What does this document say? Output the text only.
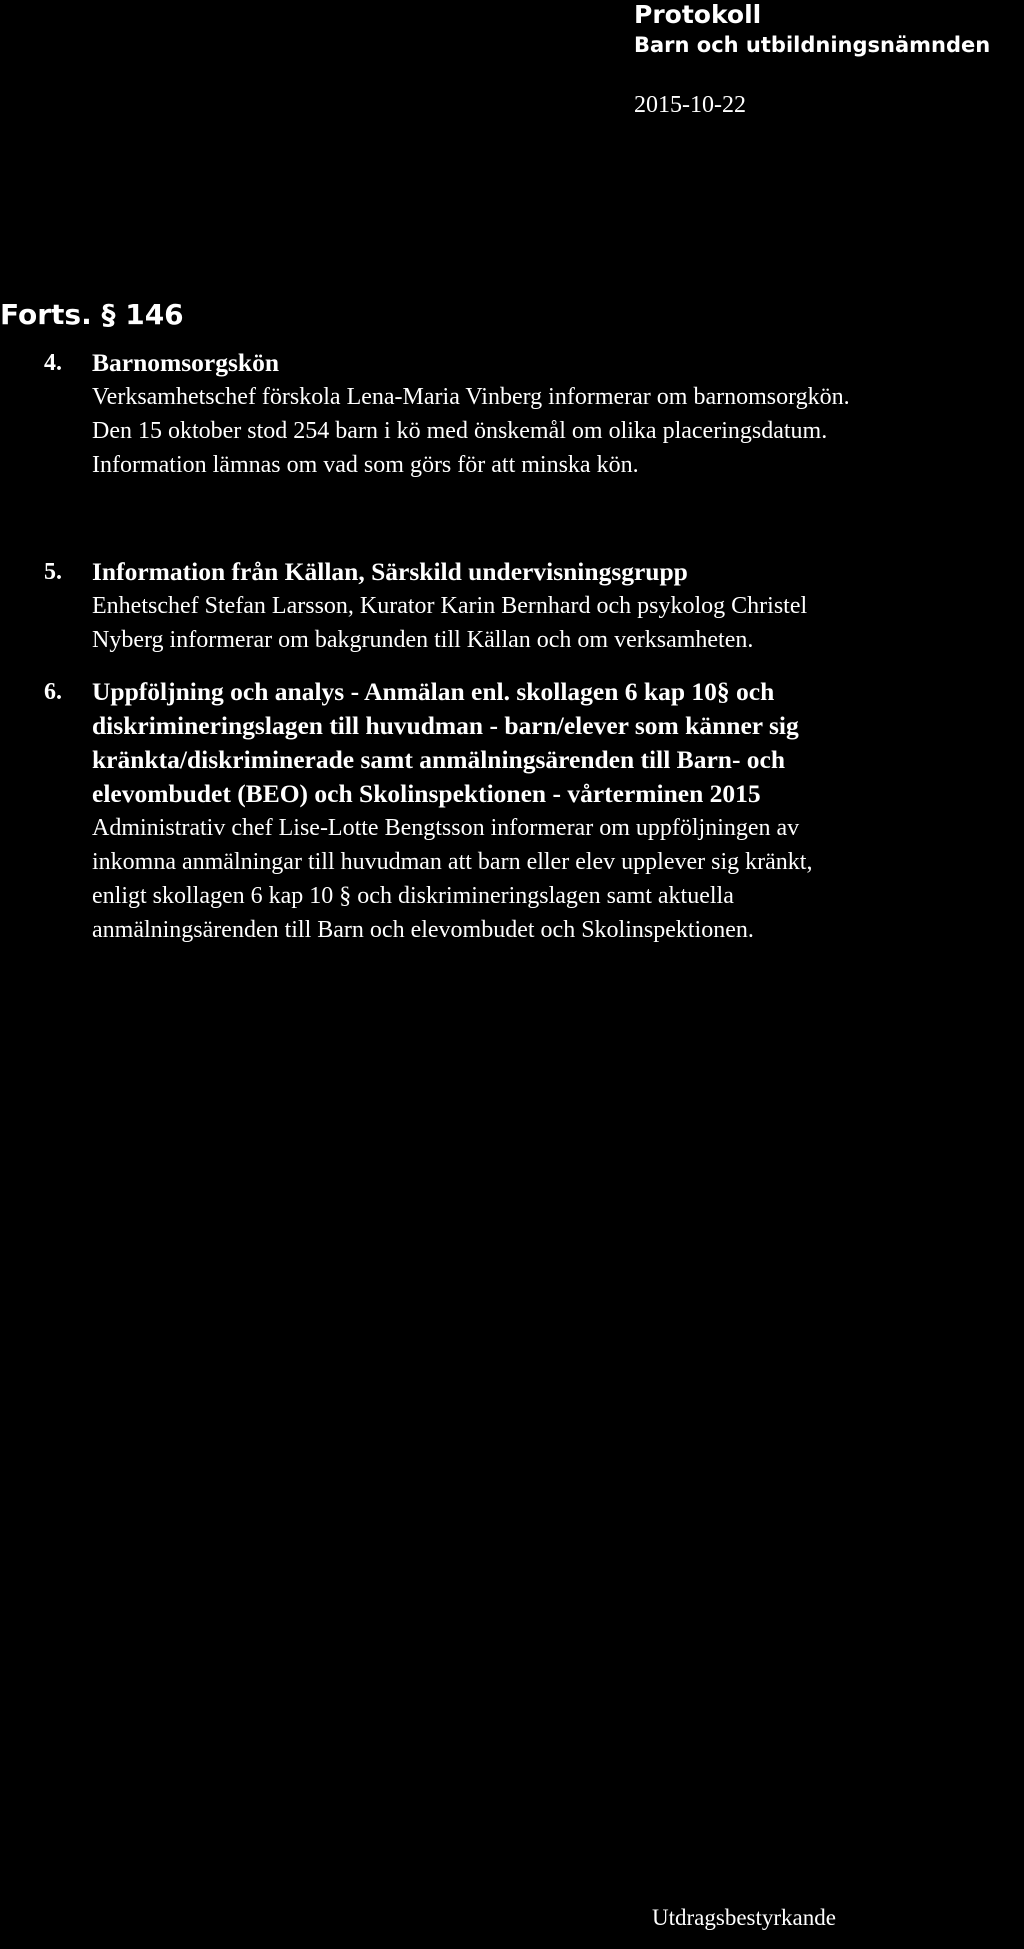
Protokoll
Barn och utbildningsnämnden
2015-10-22
Forts. § 146
4. Barnomsorgskön
Verksamhetschef förskola Lena-Maria Vinberg informerar om barnomsorgkön.
Den 15 oktober stod 254 barn i kö med önskemål om olika placeringsdatum.
Information lämnas om vad som görs för att minska kön.
5. Information från Källan, Särskild undervisningsgrupp
Enhetschef Stefan Larsson, Kurator Karin Bernhard och psykolog Christel
Nyberg informerar om bakgrunden till Källan och om verksamheten.
6. Uppföljning och analys - Anmälan enl. skollagen 6 kap 10§ och
diskrimineringslagen till huvudman - barn/elever som känner sig
kränkta/diskriminerade samt anmälningsärenden till Barn- och
elevombudet (BEO) och Skolinspektionen - vårterminen 2015
Administrativ chef Lise-Lotte Bengtsson informerar om uppföljningen av
inkomna anmälningar till huvudman att barn eller elev upplever sig kränkt,
enligt skollagen 6 kap 10 § och diskrimineringslagen samt aktuella
anmälningsärenden till Barn och elevombudet och Skolinspektionen.
Utdragsbestyrkande
